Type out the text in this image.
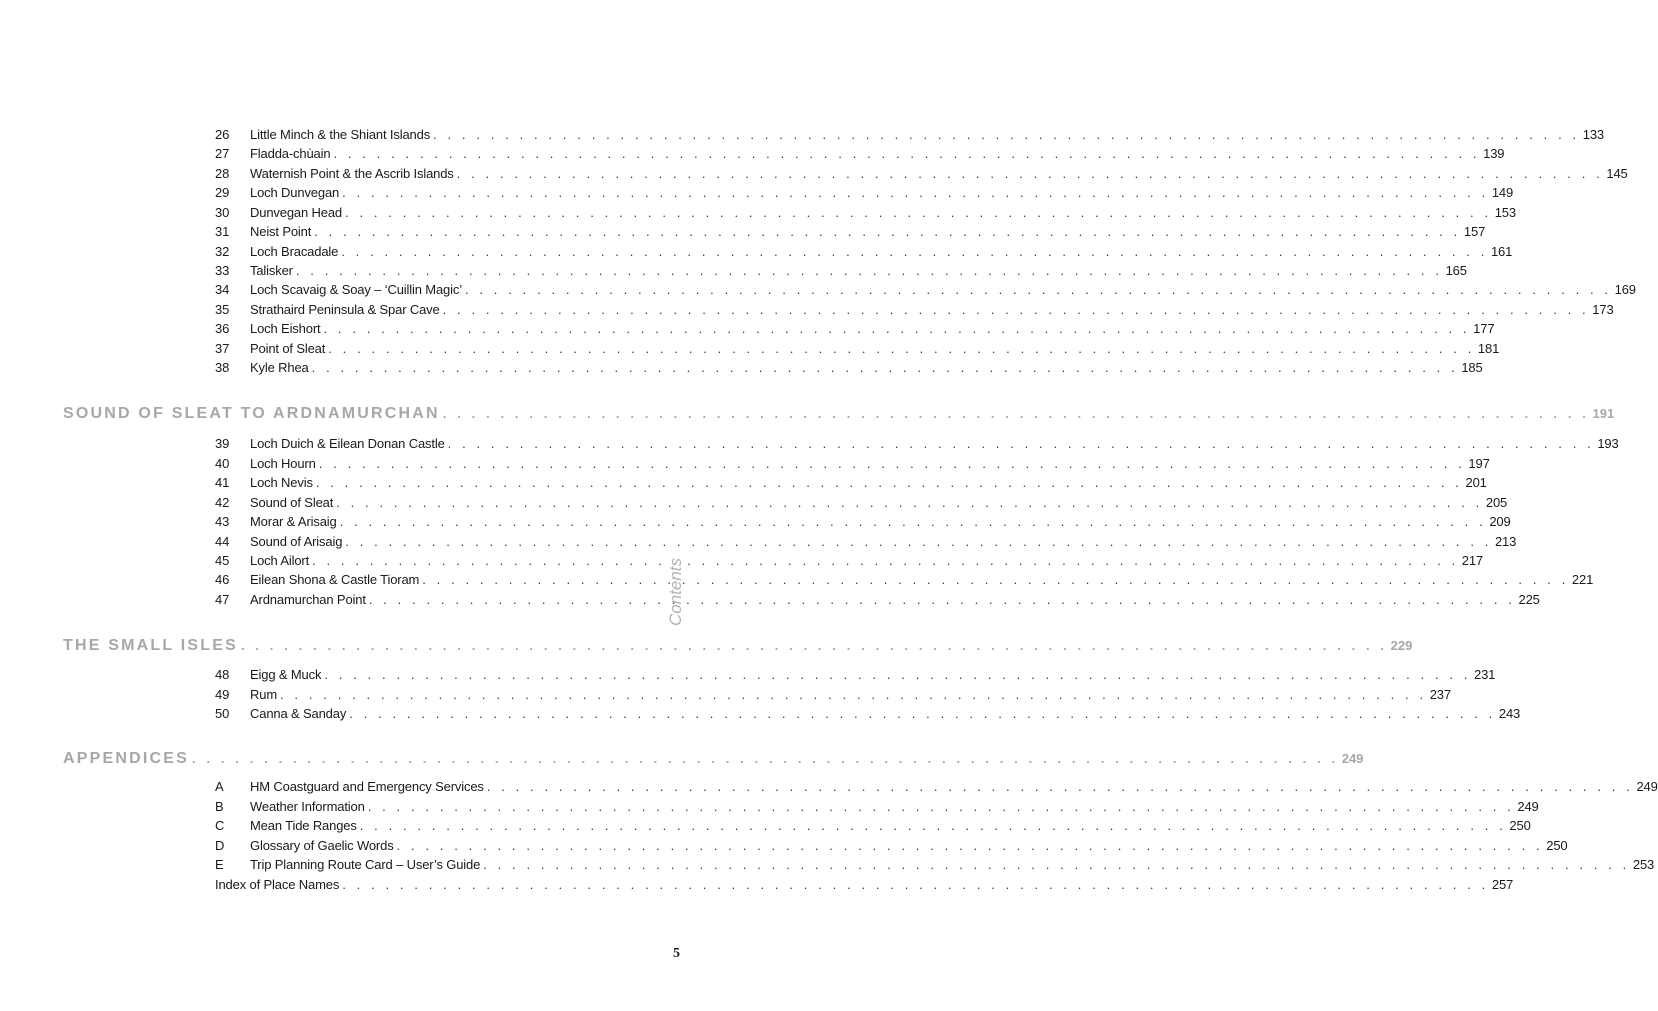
26	Little Minch & the Shiant Islands . . . . . . . . . . . . . . . . . . . . . . . . . . . . . . . . . . . . . . . . . . . . . . . . . . . . . . . . . . . . . . . . . . . . . . . . . . . . . . . . 133
27	Fladda-chùain . . . . . . . . . . . . . . . . . . . . . . . . . . . . . . . . . . . . . . . . . . . . . . . . . . . . . . . . . . . . . . . . . . . . . . . . . . . . . . . . 139
28	Waternish Point & the Ascrib Islands . . . . . . . . . . . . . . . . . . . . . . . . . . . . . . . . . . . . . . . . . . . . . . . . . . . . . . . . . . . . . . . . . . . . . . . . . . . . . . . . 145
29	Loch Dunvegan . . . . . . . . . . . . . . . . . . . . . . . . . . . . . . . . . . . . . . . . . . . . . . . . . . . . . . . . . . . . . . . . . . . . . . . . . . . . . . . . 149
30	Dunvegan Head . . . . . . . . . . . . . . . . . . . . . . . . . . . . . . . . . . . . . . . . . . . . . . . . . . . . . . . . . . . . . . . . . . . . . . . . . . . . . . . . 153
31	Neist Point . . . . . . . . . . . . . . . . . . . . . . . . . . . . . . . . . . . . . . . . . . . . . . . . . . . . . . . . . . . . . . . . . . . . . . . . . . . . . . . . 157
32	Loch Bracadale . . . . . . . . . . . . . . . . . . . . . . . . . . . . . . . . . . . . . . . . . . . . . . . . . . . . . . . . . . . . . . . . . . . . . . . . . . . . . . . . 161
33	Talisker . . . . . . . . . . . . . . . . . . . . . . . . . . . . . . . . . . . . . . . . . . . . . . . . . . . . . . . . . . . . . . . . . . . . . . . . . . . . . . . . 165
34	Loch Scavaig & Soay – ‘Cuillin Magic’ . . . . . . . . . . . . . . . . . . . . . . . . . . . . . . . . . . . . . . . . . . . . . . . . . . . . . . . . . . . . . . . . . . . . . . . . . . . . . . . . 169
35	Strathaird Peninsula & Spar Cave . . . . . . . . . . . . . . . . . . . . . . . . . . . . . . . . . . . . . . . . . . . . . . . . . . . . . . . . . . . . . . . . . . . . . . . . . . . . . . . . 173
36	Loch Eishort . . . . . . . . . . . . . . . . . . . . . . . . . . . . . . . . . . . . . . . . . . . . . . . . . . . . . . . . . . . . . . . . . . . . . . . . . . . . . . . . 177
37	Point of Sleat . . . . . . . . . . . . . . . . . . . . . . . . . . . . . . . . . . . . . . . . . . . . . . . . . . . . . . . . . . . . . . . . . . . . . . . . . . . . . . . . 181
38	Kyle Rhea . . . . . . . . . . . . . . . . . . . . . . . . . . . . . . . . . . . . . . . . . . . . . . . . . . . . . . . . . . . . . . . . . . . . . . . . . . . . . . . . 185
SOUND OF SLEAT TO ARDNAMURCHAN . . . . . . . . . . . . . . . . . . . . . . . . . . . . . . . . . . . . . . . . . . . . . . . . . . . . . . . . . . . . . . . . . . . . . . . . . . . . . . . . 191
39	Loch Duich & Eilean Donan Castle . . . . . . . . . . . . . . . . . . . . . . . . . . . . . . . . . . . . . . . . . . . . . . . . . . . . . . . . . . . . . . . . . . . . . . . . . . . . . . . . 193
40	Loch Hourn . . . . . . . . . . . . . . . . . . . . . . . . . . . . . . . . . . . . . . . . . . . . . . . . . . . . . . . . . . . . . . . . . . . . . . . . . . . . . . . . 197
41	Loch Nevis . . . . . . . . . . . . . . . . . . . . . . . . . . . . . . . . . . . . . . . . . . . . . . . . . . . . . . . . . . . . . . . . . . . . . . . . . . . . . . . . 201
42	Sound of Sleat . . . . . . . . . . . . . . . . . . . . . . . . . . . . . . . . . . . . . . . . . . . . . . . . . . . . . . . . . . . . . . . . . . . . . . . . . . . . . . . . 205
43	Morar & Arisaig . . . . . . . . . . . . . . . . . . . . . . . . . . . . . . . . . . . . . . . . . . . . . . . . . . . . . . . . . . . . . . . . . . . . . . . . . . . . . . . . 209
44	Sound of Arisaig . . . . . . . . . . . . . . . . . . . . . . . . . . . . . . . . . . . . . . . . . . . . . . . . . . . . . . . . . . . . . . . . . . . . . . . . . . . . . . . . 213
45	Loch Ailort . . . . . . . . . . . . . . . . . . . . . . . . . . . . . . . . . . . . . . . . . . . . . . . . . . . . . . . . . . . . . . . . . . . . . . . . . . . . . . . . 217
46	Eilean Shona & Castle Tioram . . . . . . . . . . . . . . . . . . . . . . . . . . . . . . . . . . . . . . . . . . . . . . . . . . . . . . . . . . . . . . . . . . . . . . . . . . . . . . . . 221
47	Ardnamurchan Point . . . . . . . . . . . . . . . . . . . . . . . . . . . . . . . . . . . . . . . . . . . . . . . . . . . . . . . . . . . . . . . . . . . . . . . . . . . . . . . . 225
THE SMALL ISLES . . . . . . . . . . . . . . . . . . . . . . . . . . . . . . . . . . . . . . . . . . . . . . . . . . . . . . . . . . . . . . . . . . . . . . . . . . . . . . . . 229
48	Eigg & Muck . . . . . . . . . . . . . . . . . . . . . . . . . . . . . . . . . . . . . . . . . . . . . . . . . . . . . . . . . . . . . . . . . . . . . . . . . . . . . . . . 231
49	Rum . . . . . . . . . . . . . . . . . . . . . . . . . . . . . . . . . . . . . . . . . . . . . . . . . . . . . . . . . . . . . . . . . . . . . . . . . . . . . . . . 237
50	Canna & Sanday . . . . . . . . . . . . . . . . . . . . . . . . . . . . . . . . . . . . . . . . . . . . . . . . . . . . . . . . . . . . . . . . . . . . . . . . . . . . . . . . 243
APPENDICES . . . . . . . . . . . . . . . . . . . . . . . . . . . . . . . . . . . . . . . . . . . . . . . . . . . . . . . . . . . . . . . . . . . . . . . . . . . . . . . . 249
A	HM Coastguard and Emergency Services . . . . . . . . . . . . . . . . . . . . . . . . . . . . . . . . . . . . . . . . . . . . . . . . . . . . . . . . . . . . . . . . . . . . . . . . . . . . . . . . 249
B	Weather Information . . . . . . . . . . . . . . . . . . . . . . . . . . . . . . . . . . . . . . . . . . . . . . . . . . . . . . . . . . . . . . . . . . . . . . . . . . . . . . . . 249
C	Mean Tide Ranges . . . . . . . . . . . . . . . . . . . . . . . . . . . . . . . . . . . . . . . . . . . . . . . . . . . . . . . . . . . . . . . . . . . . . . . . . . . . . . . . 250
D	Glossary of Gaelic Words . . . . . . . . . . . . . . . . . . . . . . . . . . . . . . . . . . . . . . . . . . . . . . . . . . . . . . . . . . . . . . . . . . . . . . . . . . . . . . . . 250
E	Trip Planning Route Card – User’s Guide . . . . . . . . . . . . . . . . . . . . . . . . . . . . . . . . . . . . . . . . . . . . . . . . . . . . . . . . . . . . . . . . . . . . . . . . . . . . . . . . 253
Index of Place Names . . . . . . . . . . . . . . . . . . . . . . . . . . . . . . . . . . . . . . . . . . . . . . . . . . . . . . . . . . . . . . . . . . . . . . . . . . . . . . . . 257
Contents
5
